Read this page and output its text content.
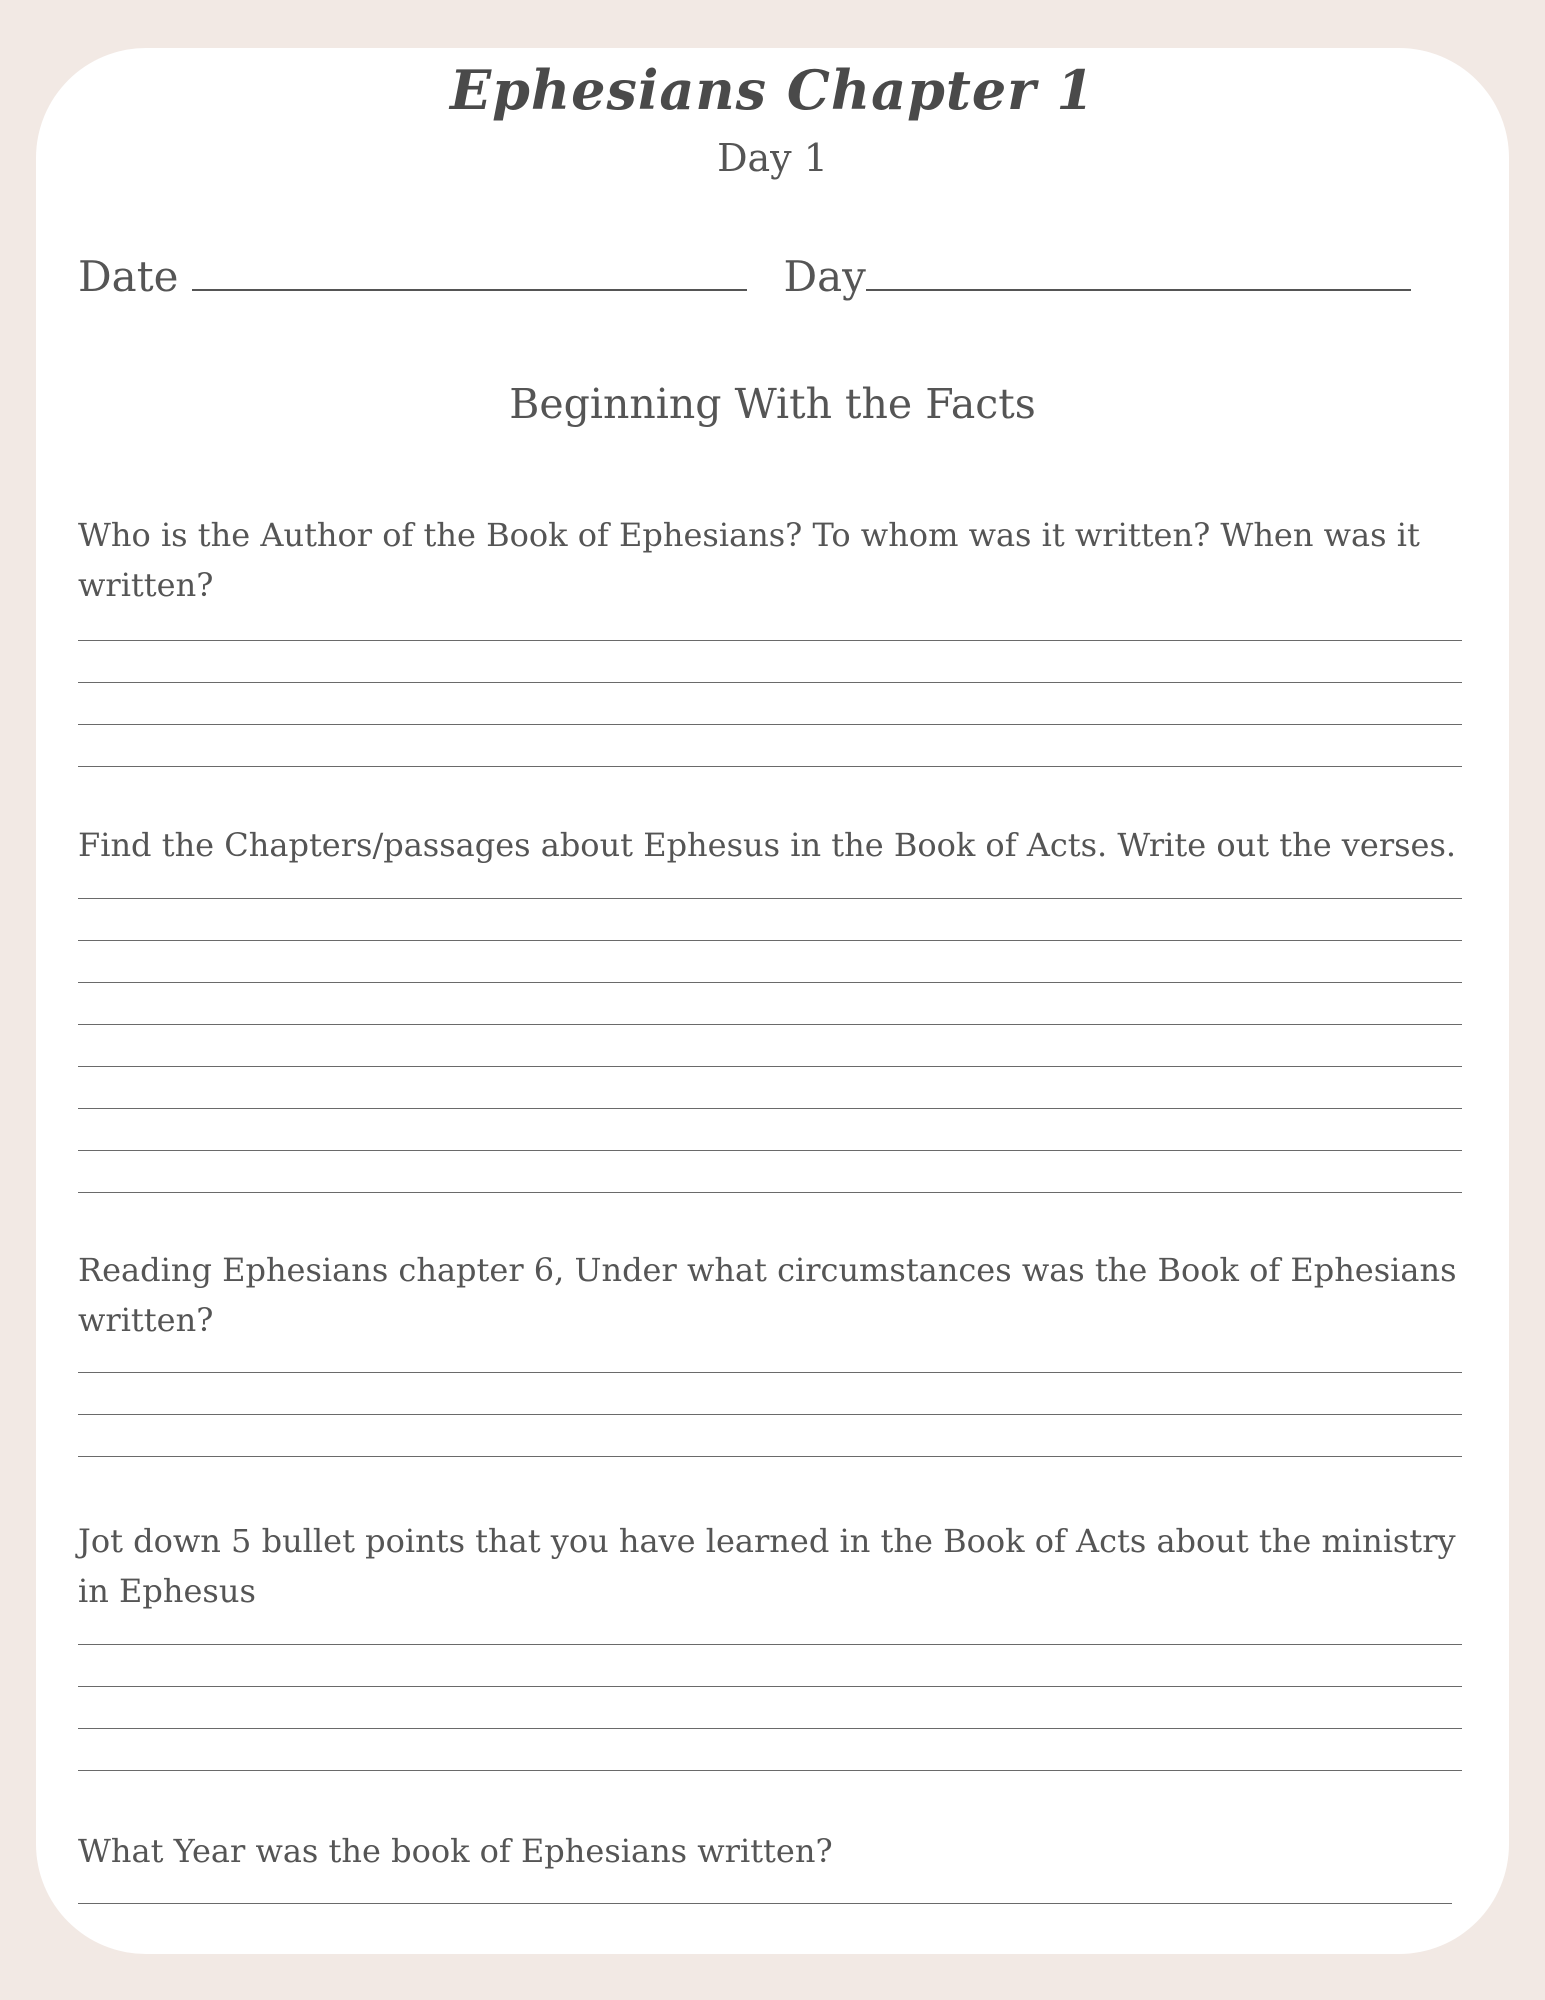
Ephesians Chapter 1
Day 1
Date	Day
Beginning With the Facts
Who is the Author of the Book of Ephesians? To whom was it written? When was it written?
Find the Chapters/passages about Ephesus in the Book of Acts. Write out the verses.
Reading Ephesians chapter 6, Under what circumstances was the Book of Ephesians written?
Jot down 5 bullet points that you have learned in the Book of Acts about the ministry in Ephesus
What Year was the book of Ephesians written?
